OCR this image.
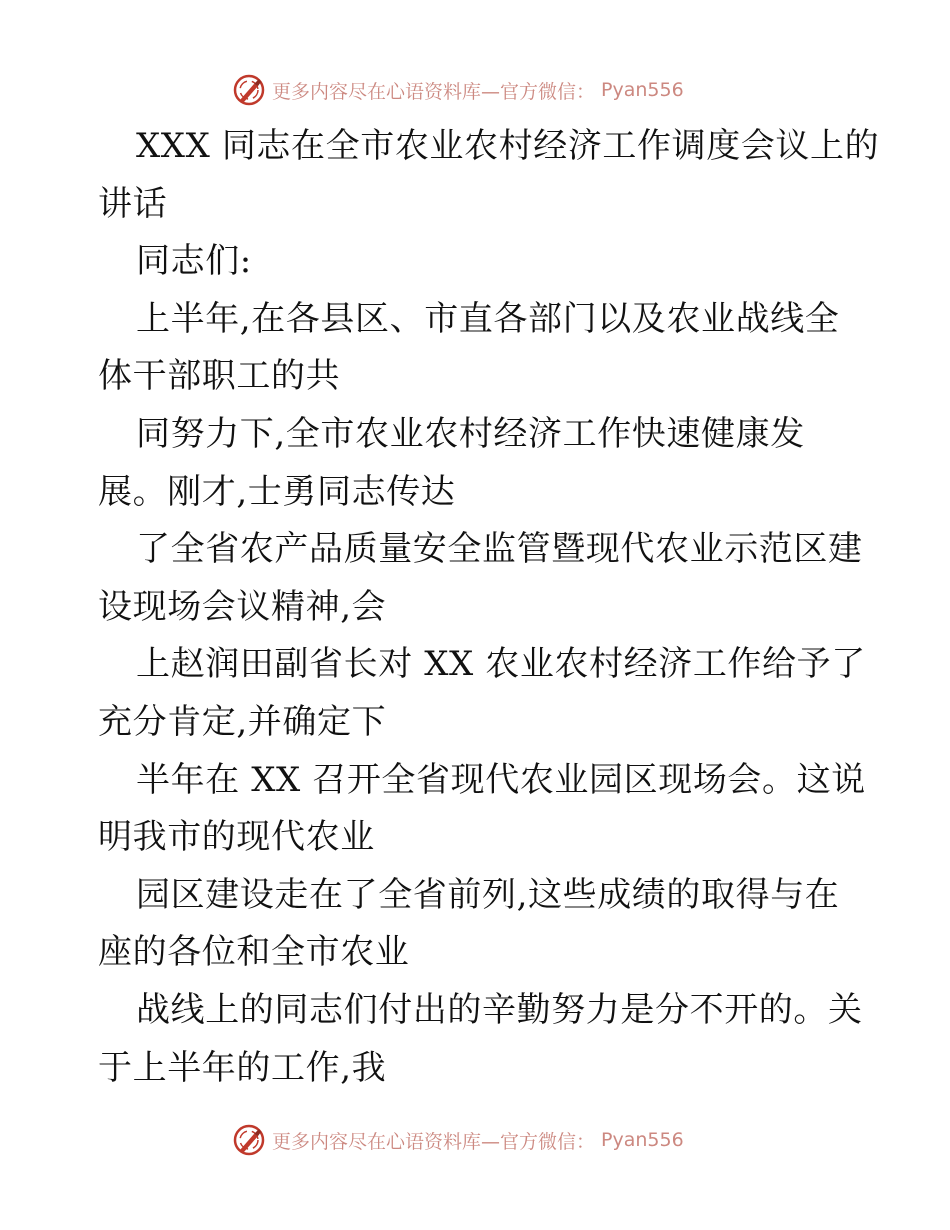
更多内容尽在心语资料库—官方微信： Pyan556
XXX 同志在全市农业农村经济工作调度会议上的
讲话
同志们:
上半年,在各县区、市直各部门以及农业战线全
体干部职工的共
同努力下,全市农业农村经济工作快速健康发
展。刚才,士勇同志传达
了全省农产品质量安全监管暨现代农业示范区建
设现场会议精神,会
上赵润田副省长对 XX 农业农村经济工作给予了
充分肯定,并确定下
半年在 XX 召开全省现代农业园区现场会。这说
明我市的现代农业
园区建设走在了全省前列,这些成绩的取得与在
座的各位和全市农业
战线上的同志们付出的辛勤努力是分不开的。关
于上半年的工作,我
更多内容尽在心语资料库—官方微信： Pyan556
